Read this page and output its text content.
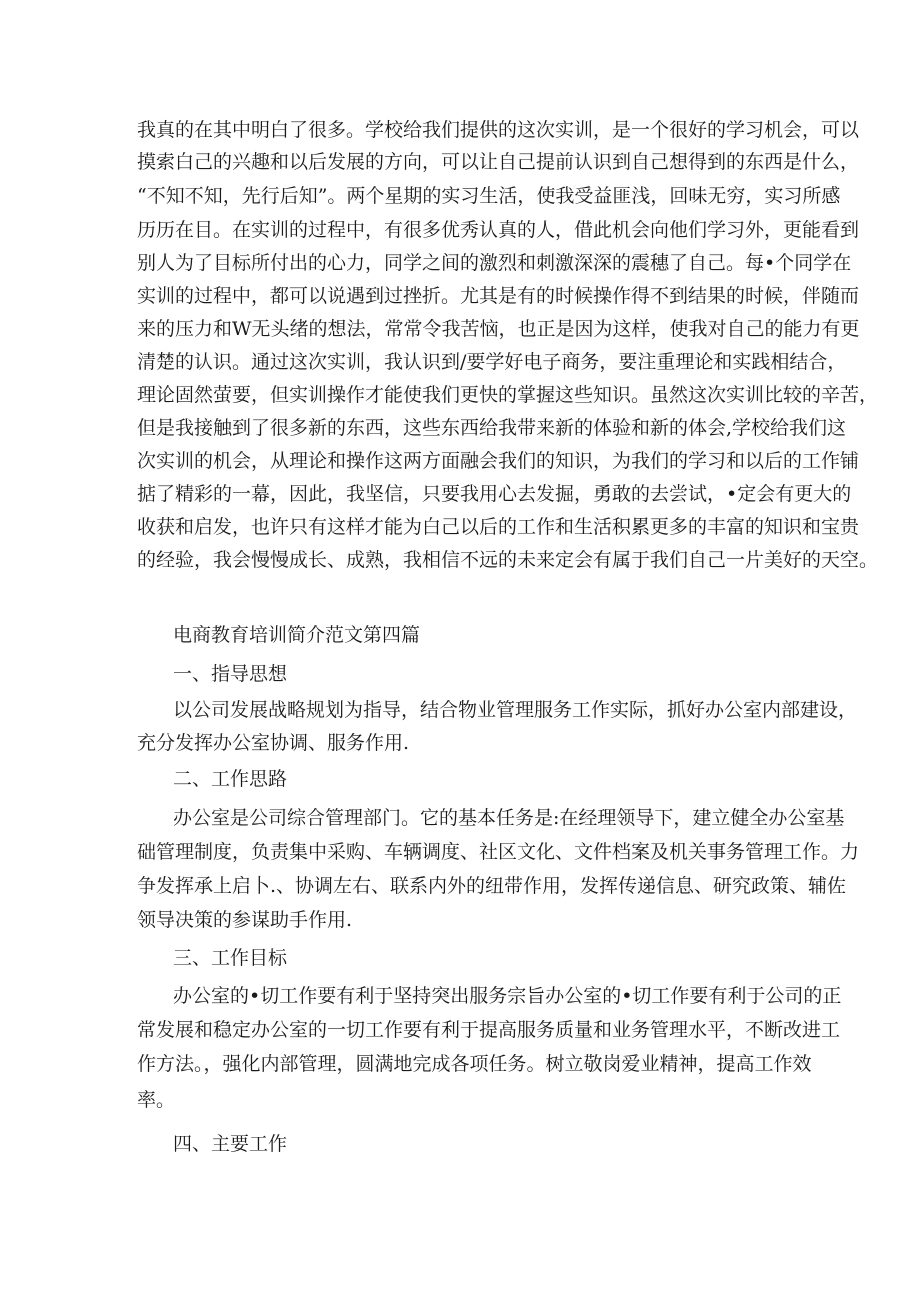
我真的在其中明白了很多。学校给我们提供的这次实训，是一个很好的学习机会，可以

摸索白己的兴趣和以后发展的方向，可以让自己提前认识到自己想得到的东西是什么，

“不知不知，先行后知”。两个星期的实习生活，使我受益匪浅，回味无穷，实习所感

历历在目。在实训的过程中，有很多优秀认真的人，借此机会向他们学习外，更能看到

别人为了目标所付出的心力，同学之间的激烈和刺激深深的震穗了自己。每•个同学在

实训的过程中，都可以说遇到过挫折。尤其是有的时候操作得不到结果的时候，伴随而

来的压力和W无头绪的想法，常常令我苦恼，也正是因为这样，使我对自己的能力有更

清楚的认识。通过这次实训，我认识到/要学好电子商务，要注重理论和实践相结合，

理论固然萤要，但实训操作才能使我们更快的掌握这些知识。虽然这次实训比较的辛苦，

但是我接触到了很多新的东西，这些东西给我带来新的体验和新的体会,学校给我们这

次实训的机会，从理论和操作这两方面融会我们的知识，为我们的学习和以后的工作铺

掂了精彩的一幕，因此，我坚信，只要我用心去发掘，勇敢的去尝试，•定会有更大的

收获和启发，也许只有这样才能为白己以后的工作和生活积累更多的丰富的知识和宝贵

的经验，我会慢慢成长、成熟，我相信不远的未来定会有属于我们自己一片美好的天空。

电商教育培训简介范文第四篇

一、指导思想

以公司发展战略规划为指导，结合物业管理服务工作实际，抓好办公室内部建设，

充分发挥办公室协调、服务作用.

二、工作思路

办公室是公司综合管理部门。它的基本任务是:在经理领导下，建立健全办公室基

础管理制度，负责集中采购、车辆调度、社区文化、文件档案及机关事务管理工作。力

争发挥承上启卜.、协调左右、联系内外的纽带作用，发挥传递信息、研究政策、辅佐

领导决策的参谋助手作用.

三、工作目标

办公室的•切工作要有利于坚持突出服务宗旨办公室的•切工作要有利于公司的正

常发展和稳定办公室的一切工作要有利于提高服务质量和业务管理水平，不断改进工

作方法。，强化内部管理，圆满地完成各项任务。树立敬岗爱业精神，提高工作效

率。

四、主要工作
